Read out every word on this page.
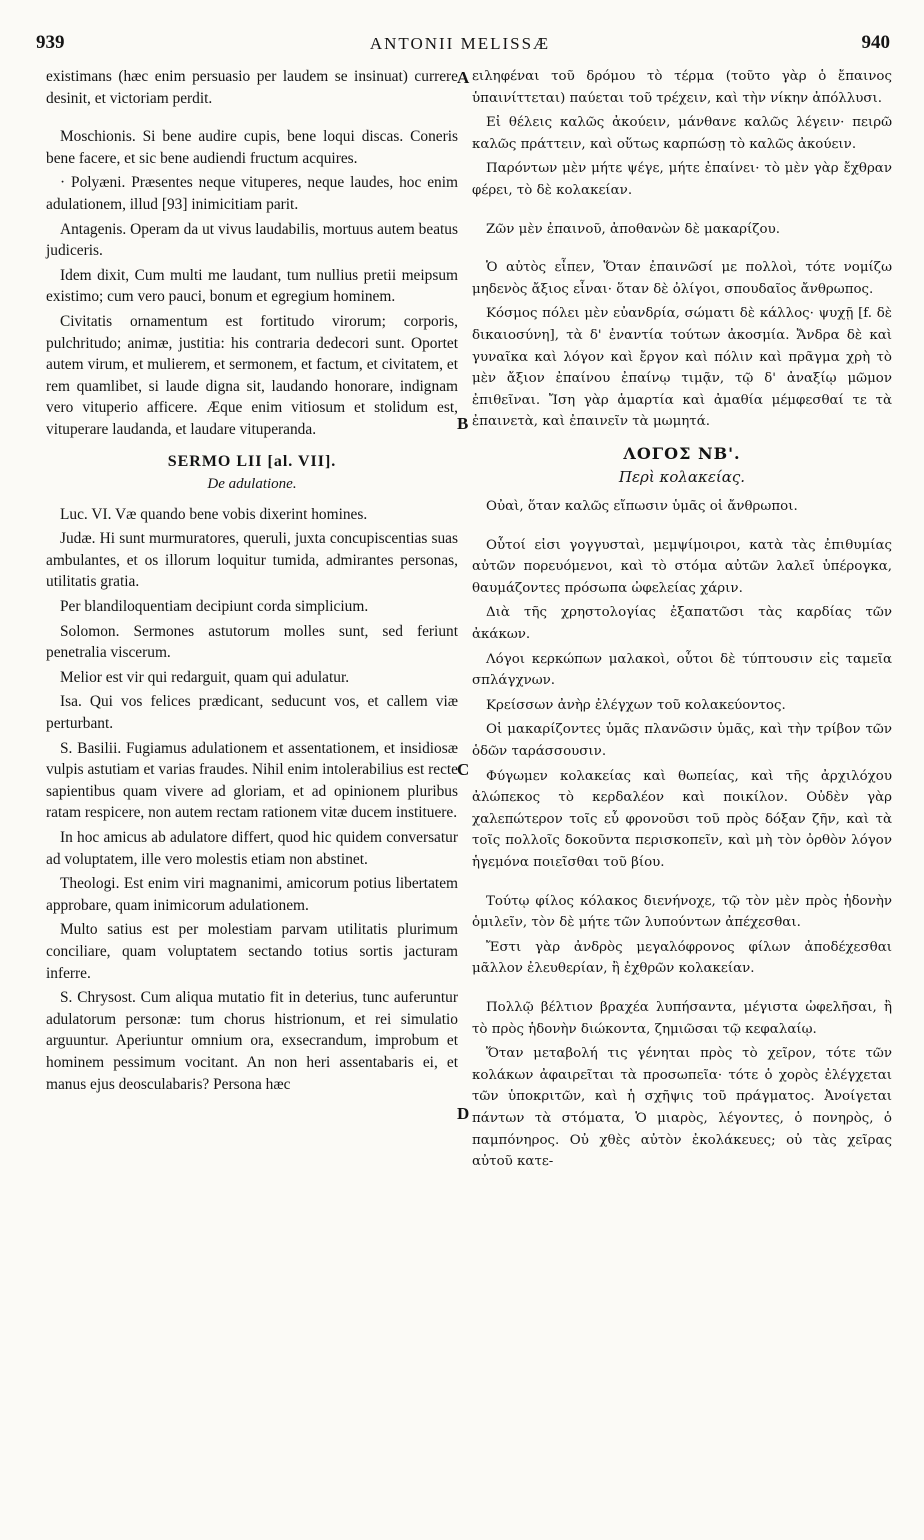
939	ANTONII MELISSÆ	940
A
B
C
D

existimans (hæc enim persuasio per laudem se insinuat) currere desinit, et victoriam perdit.

Moschionis. Si bene audire cupis, bene loqui discas. Coneris bene facere, et sic bene audiendi fructum acquires.

· Polyæni. Præsentes neque vituperes, neque laudes, hoc enim adulationem, illud [93] inimicitiam parit.

Antagenis. Operam da ut vivus laudabilis, mortuus autem beatus judiceris.

Idem dixit, Cum multi me laudant, tum nullius pretii meipsum existimo; cum vero pauci, bonum et egregium hominem.

Civitatis ornamentum est fortitudo virorum; corporis, pulchritudo; animæ, justitia: his contraria dedecori sunt. Oportet autem virum, et mulierem, et sermonem, et factum, et civitatem, et rem quamlibet, si laude digna sit, laudando honorare, indignam vero vituperio afficere. Æque enim vitiosum et stolidum est, vituperare laudanda, et laudare vituperanda.

SERMO LII [al. VII].
De adulatione.

Luc. VI. Væ quando bene vobis dixerint homines.

Judæ. Hi sunt murmuratores, queruli, juxta concupiscentias suas ambulantes, et os illorum loquitur tumida, admirantes personas, utilitatis gratia.

Per blandiloquentiam decipiunt corda simplicium.

Solomon. Sermones astutorum molles sunt, sed feriunt penetralia viscerum.

Melior est vir qui redarguit, quam qui adulatur.

Isa. Qui vos felices prædicant, seducunt vos, et callem viæ perturbant.

S. Basilii. Fugiamus adulationem et assentationem, et insidiosæ vulpis astutiam et varias fraudes. Nihil enim intolerabilius est recte sapientibus quam vivere ad gloriam, et ad opinionem pluribus ratam respicere, non autem rectam rationem vitæ ducem instituere.

In hoc amicus ab adulatore differt, quod hic quidem conversatur ad voluptatem, ille vero molestis etiam non abstinet.

Theologi. Est enim viri magnanimi, amicorum potius libertatem approbare, quam inimicorum adulationem.

Multo satius est per molestiam parvam utilitatis plurimum conciliare, quam voluptatem sectando totius sortis jacturam inferre.

S. Chrysost. Cum aliqua mutatio fit in deterius, tunc auferuntur adulatorum personæ: tum chorus histrionum, et rei simulatio arguuntur. Aperiuntur omnium ora, exsecrandum, improbum et hominem pessimum vocitant. An non heri assentabaris ei, et manus ejus deosculabaris? Persona hæc

ειληφέναι τοῦ δρόμου τὸ τέρμα (τοῦτο γὰρ ὁ ἔπαινος ὑπαινίττεται) παύεται τοῦ τρέχειν, καὶ τὴν νίκην ἀπόλλυσι.

Εἰ θέλεις καλῶς ἀκούειν, μάνθανε καλῶς λέγειν· πειρῶ καλῶς πράττειν, καὶ οὕτως καρπώσῃ τὸ καλῶς ἀκούειν.

Παρόντων μὲν μήτε ψέγε, μήτε ἐπαίνει· τὸ μὲν γὰρ ἔχθραν φέρει, τὸ δὲ κολακείαν.

Ζῶν μὲν ἐπαινοῦ, ἀποθανὼν δὲ μακαρίζου.

Ὁ αὐτὸς εἶπεν, Ὅταν ἐπαινῶσί με πολλοὶ, τότε νομίζω μηδενὸς ἄξιος εἶναι· ὅταν δὲ ὀλίγοι, σπουδαῖος ἄνθρωπος.

Κόσμος πόλει μὲν εὐανδρία, σώματι δὲ κάλλος· ψυχῇ [f. δὲ δικαιοσύνη], τὰ δ' ἐναντία τούτων ἀκοσμία. Ἄνδρα δὲ καὶ γυναῖκα καὶ λόγον καὶ ἔργον καὶ πόλιν καὶ πρᾶγμα χρὴ τὸ μὲν ἄξιον ἐπαίνου ἐπαίνῳ τιμᾷν, τῷ δ' ἀναξίῳ μῶμον ἐπιθεῖναι. Ἴση γὰρ ἁμαρτία καὶ ἀμαθία μέμφεσθαί τε τὰ ἐπαινετὰ, καὶ ἐπαινεῖν τὰ μωμητά.

ΛΟΓΟΣ ΝΒ'.
Περὶ κολακείας.

Οὐαὶ, ὅταν καλῶς εἴπωσιν ὑμᾶς οἱ ἄνθρωποι.

Οὗτοί εἰσι γογγυσταὶ, μεμψίμοιροι, κατὰ τὰς ἐπιθυμίας αὐτῶν πορευόμενοι, καὶ τὸ στόμα αὐτῶν λαλεῖ ὑπέρογκα, θαυμάζοντες πρόσωπα ὠφελείας χάριν.

Διὰ τῆς χρηστολογίας ἐξαπατῶσι τὰς καρδίας τῶν ἀκάκων.

Λόγοι κερκώπων μαλακοὶ, οὗτοι δὲ τύπτουσιν εἰς ταμεῖα σπλάγχνων.

Κρείσσων ἀνὴρ ἐλέγχων τοῦ κολακεύοντος.

Οἱ μακαρίζοντες ὑμᾶς πλανῶσιν ὑμᾶς, καὶ τὴν τρίβον τῶν ὁδῶν ταράσσουσιν.

Φύγωμεν κολακείας καὶ θωπείας, καὶ τῆς ἀρχιλόχου ἀλώπεκος τὸ κερδαλέον καὶ ποικίλον. Οὐδὲν γὰρ χαλεπώτερον τοῖς εὖ φρονοῦσι τοῦ πρὸς δόξαν ζῆν, καὶ τὰ τοῖς πολλοῖς δοκοῦντα περισκοπεῖν, καὶ μὴ τὸν ὀρθὸν λόγον ἡγεμόνα ποιεῖσθαι τοῦ βίου.

Τούτῳ φίλος κόλακος διενήνοχε, τῷ τὸν μὲν πρὸς ἡδονὴν ὁμιλεῖν, τὸν δὲ μήτε τῶν λυπούντων ἀπέχεσθαι.

Ἔστι γὰρ ἀνδρὸς μεγαλόφρονος φίλων ἀποδέχεσθαι μᾶλλον ἐλευθερίαν, ἢ ἐχθρῶν κολακείαν.

Πολλῷ βέλτιον βραχέα λυπήσαντα, μέγιστα ὠφελῆσαι, ἢ τὸ πρὸς ἡδονὴν διώκοντα, ζημιῶσαι τῷ κεφαλαίῳ.

Ὅταν μεταβολή τις γένηται πρὸς τὸ χεῖρον, τότε τῶν κολάκων ἀφαιρεῖται τὰ προσωπεῖα· τότε ὁ χορὸς ἐλέγχεται τῶν ὑποκριτῶν, καὶ ἡ σχῆψις τοῦ πράγματος. Ἀνοίγεται πάντων τὰ στόματα, Ὁ μιαρὸς, λέγοντες, ὁ πονηρὸς, ὁ παμπόνηρος. Οὐ χθὲς αὐτὸν ἐκολάκευες; οὐ τὰς χεῖρας αὐτοῦ κατε-
